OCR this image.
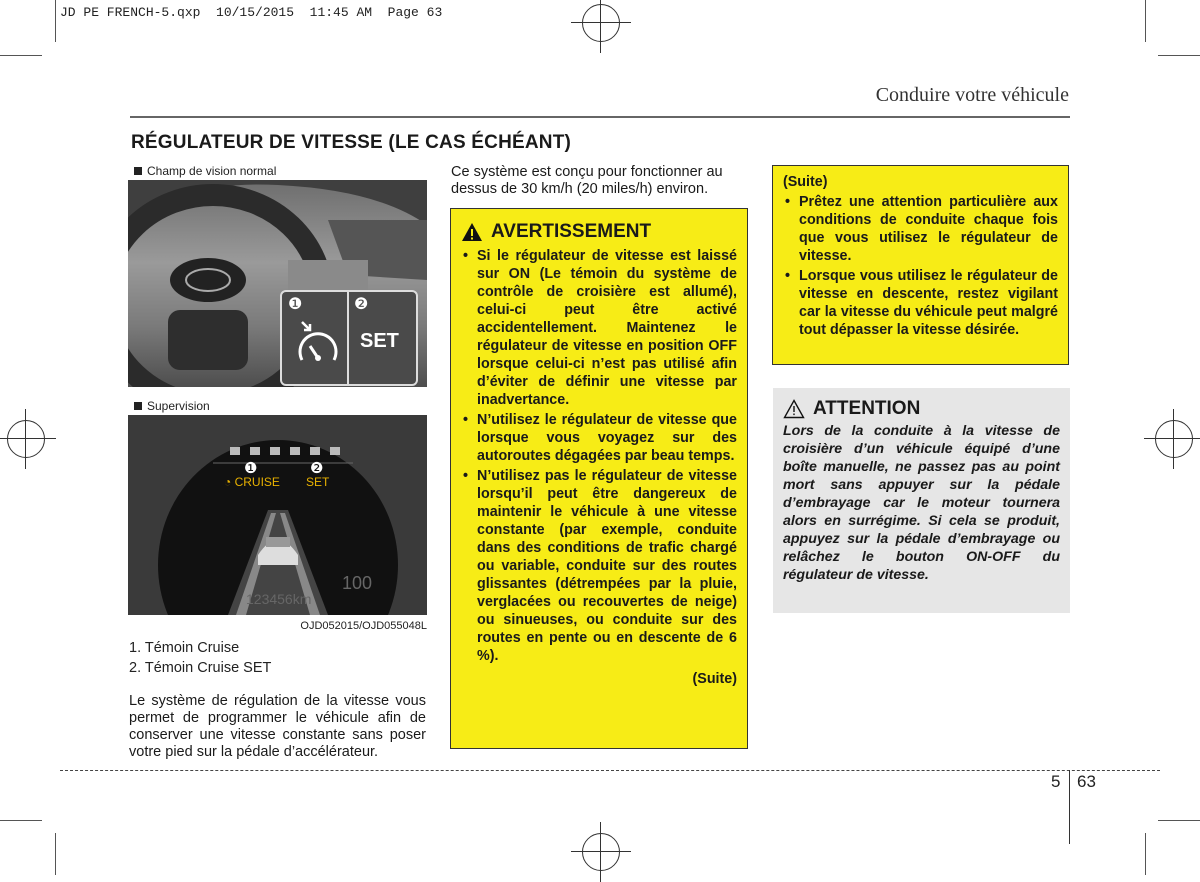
JD PE FRENCH-5.qxp  10/15/2015  11:45 AM  Page 63
Conduire votre véhicule
RÉGULATEUR DE VITESSE (LE CAS ÉCHÉANT)
Champ de vision normal
❶	❷
SET
Supervision
❶	❷
◔ CRUISE SET
123456km
100
OJD052015/OJD055048L
1. Témoin Cruise
2. Témoin Cruise SET
Le système de régulation de la vitesse vous permet de programmer le véhicule afin de conserver une vitesse constante sans poser votre pied sur la pédale d’accélérateur.
Ce système est conçu pour fonctionner au dessus de 30 km/h (20 miles/h) environ.
AVERTISSEMENT
• Si le régulateur de vitesse est laissé sur ON (Le témoin du système de contrôle de croisière est allumé), celui-ci peut être activé accidentellement. Maintenez le régulateur de vitesse en position OFF lorsque celui-ci n’est pas utilisé afin d’éviter de définir une vitesse par inadvertance.
• N’utilisez le régulateur de vitesse que lorsque vous voyagez sur des autoroutes dégagées par beau temps.
• N’utilisez pas le régulateur de vitesse lorsqu’il peut être dangereux de maintenir le véhicule à une vitesse constante (par exemple, conduite dans des conditions de trafic chargé ou variable, conduite sur des routes glissantes (détrempées par la pluie, verglacées ou recouvertes de neige) ou sinueuses, ou conduite sur des routes en pente ou en descente de 6 %).
(Suite)
(Suite)
• Prêtez une attention particulière aux conditions de conduite chaque fois que vous utilisez le régulateur de vitesse.
• Lorsque vous utilisez le régulateur de vitesse en descente, restez vigilant car la vitesse du véhicule peut malgré tout dépasser la vitesse désirée.
ATTENTION
Lors de la conduite à la vitesse de croisière d’un véhicule équipé d’une boîte manuelle, ne passez pas au point mort sans appuyer sur la pédale d’embrayage car le moteur tournera alors en surrégime. Si cela se produit, appuyez sur la pédale d’embrayage ou relâchez le bouton ON-OFF du régulateur de vitesse.
5 63
